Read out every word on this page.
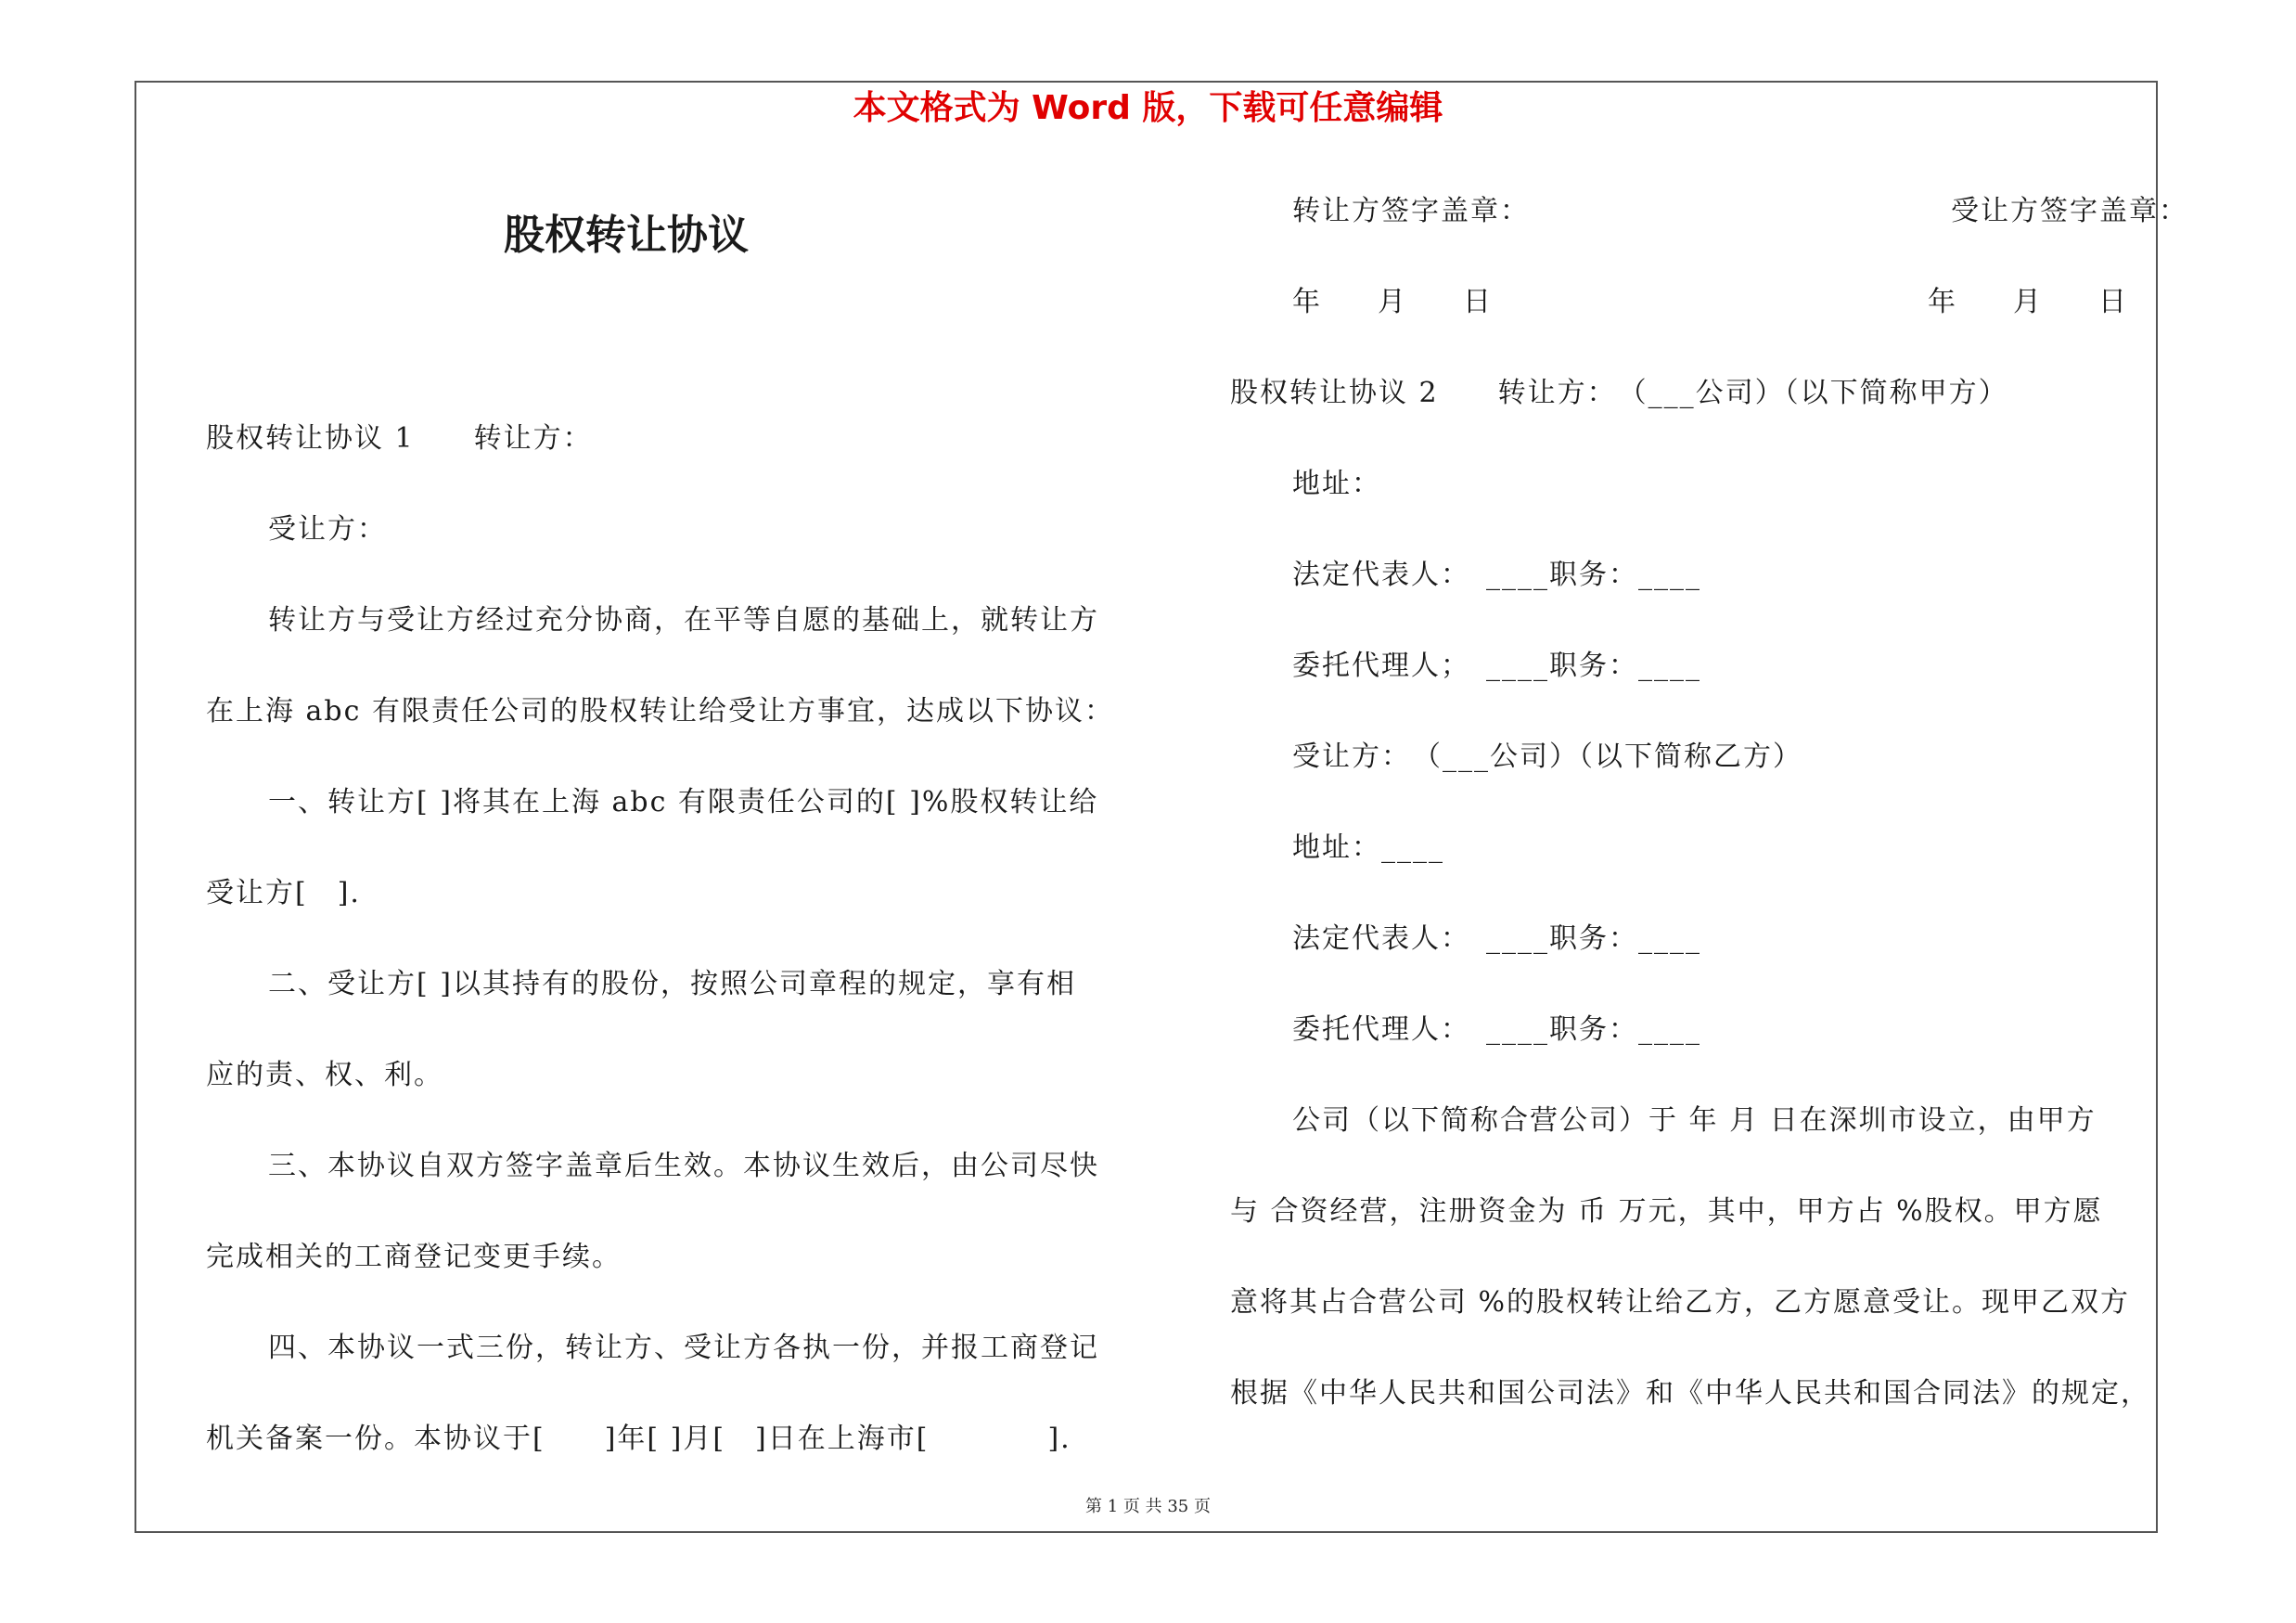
本文格式为 Word 版，下载可任意编辑
股权转让协议
股权转让协议 1　　转让方：
受让方：
转让方与受让方经过充分协商，在平等自愿的基础上，就转让方
在上海 abc 有限责任公司的股权转让给受让方事宜，达成以下协议：
一、转让方[ ]将其在上海 abc 有限责任公司的[ ]%股权转让给
受让方[　].
二、受让方[ ]以其持有的股份，按照公司章程的规定，享有相
应的责、权、利。
三、本协议自双方签字盖章后生效。本协议生效后，由公司尽快
完成相关的工商登记变更手续。
四、本协议一式三份，转让方、受让方各执一份，并报工商登记
机关备案一份。本协议于[　　]年[ ]月[　]日在上海市[　　　　].
转让方签字盖章：	受让方签字盖章：
年　月　日	年　月　日
股权转让协议 2　　转让方：　（___公司）（以下简称甲方）
地址：
法定代表人：　____职务：____
委托代理人；　____职务：____
受让方：　（___公司）（以下简称乙方）
地址：____
法定代表人：　____职务：____
委托代理人：　____职务：____
公司（以下简称合营公司）于 年 月 日在深圳市设立，由甲方
与 合资经营，注册资金为 币 万元，其中，甲方占 %股权。甲方愿
意将其占合营公司 %的股权转让给乙方，乙方愿意受让。现甲乙双方
根据《中华人民共和国公司法》和《中华人民共和国合同法》的规定，
第 1 页 共 35 页
